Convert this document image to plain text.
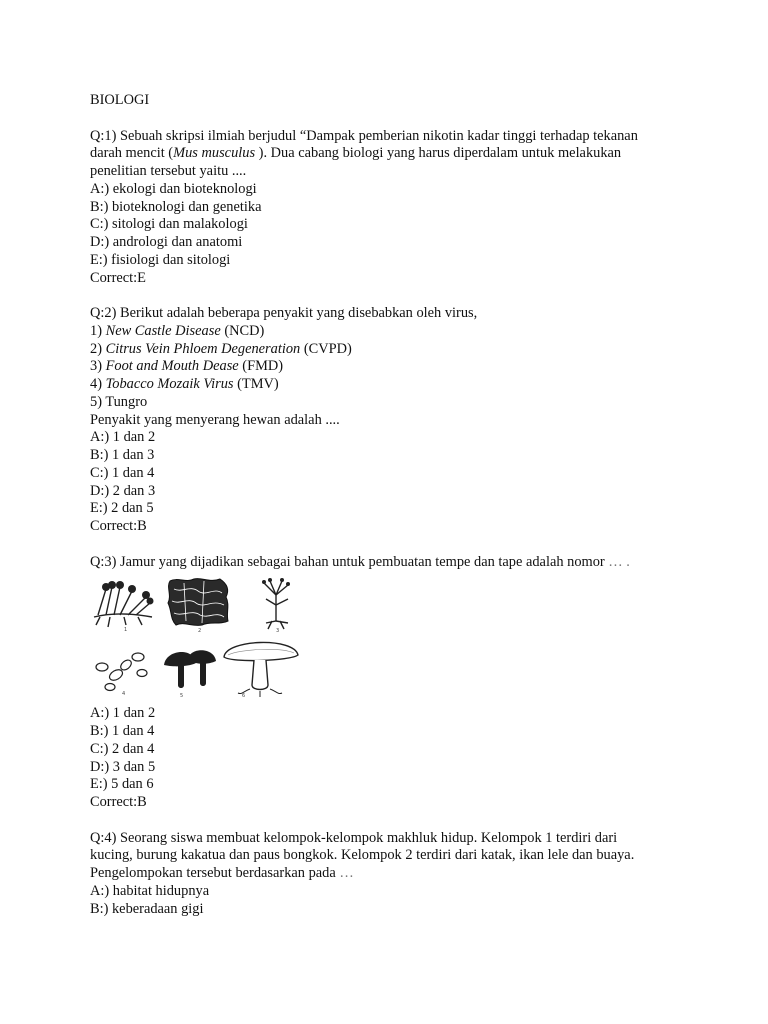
BIOLOGI

Q:1) Sebuah skripsi ilmiah berjudul “Dampak pemberian nikotin kadar tinggi terhadap tekanan

darah mencit (Mus musculus ). Dua cabang biologi yang harus diperdalam untuk melakukan

penelitian tersebut yaitu ....

A:) ekologi dan bioteknologi

B:) bioteknologi dan genetika

C:) sitologi dan malakologi

D:) andrologi dan anatomi

E:) fisiologi dan sitologi

Correct:E

Q:2) Berikut adalah beberapa penyakit yang disebabkan oleh virus,

1) New Castle Disease (NCD)

2) Citrus Vein Phloem Degeneration (CVPD)

3) Foot and Mouth Dease (FMD)

4) Tobacco Mozaik Virus (TMV)

5) Tungro

Penyakit yang menyerang hewan adalah ....

A:) 1 dan 2

B:) 1 dan 3

C:) 1 dan 4

D:) 2 dan 3

E:) 2 dan 5

Correct:B

Q:3) Jamur yang dijadikan sebagai bahan untuk pembuatan tempe dan tape adalah nomor … .

1	2	3
4	5	6

A:) 1 dan 2

B:) 1 dan 4

C:) 2 dan 4

D:) 3 dan 5

E:) 5 dan 6

Correct:B

Q:4) Seorang siswa membuat kelompok-kelompok makhluk hidup. Kelompok 1 terdiri dari

kucing, burung kakatua dan paus bongkok. Kelompok 2 terdiri dari katak, ikan lele dan buaya.

Pengelompokan tersebut berdasarkan pada …

A:) habitat hidupnya

B:) keberadaan gigi
